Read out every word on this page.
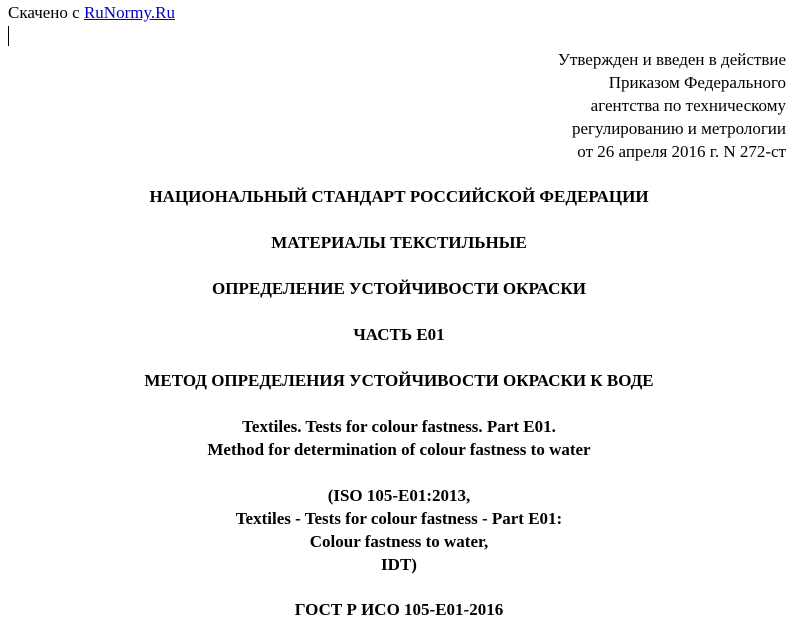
Скачено с RuNormy.Ru
Утвержден и введен в действие
Приказом Федерального
агентства по техническому
регулированию и метрологии
от 26 апреля 2016 г. N 272-ст
НАЦИОНАЛЬНЫЙ СТАНДАРТ РОССИЙСКОЙ ФЕДЕРАЦИИ
МАТЕРИАЛЫ ТЕКСТИЛЬНЫЕ
ОПРЕДЕЛЕНИЕ УСТОЙЧИВОСТИ ОКРАСКИ
ЧАСТЬ E01
МЕТОД ОПРЕДЕЛЕНИЯ УСТОЙЧИВОСТИ ОКРАСКИ К ВОДЕ
Textiles. Tests for colour fastness. Part E01.
Method for determination of colour fastness to water
(ISO 105-E01:2013,
Textiles - Tests for colour fastness - Part E01:
Colour fastness to water,
IDT)
ГОСТ Р ИСО 105-E01-2016
